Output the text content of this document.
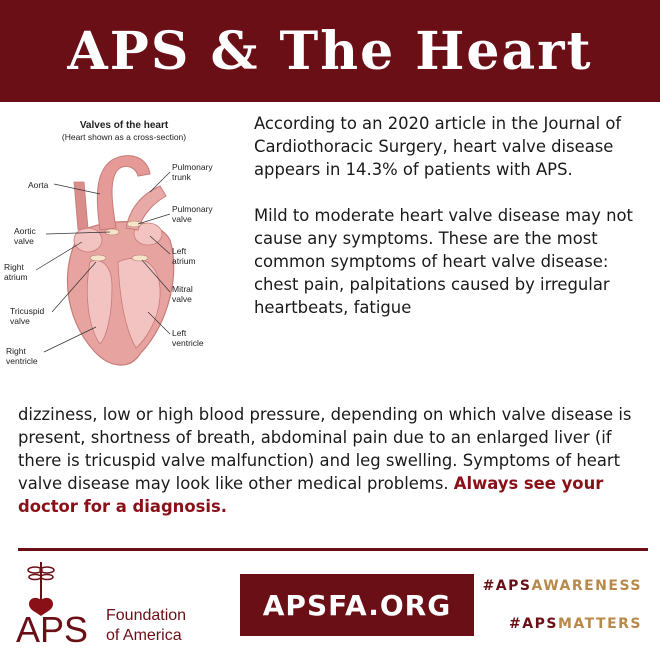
APS & The Heart
Valves of the heart
(Heart shown as a cross-section)
Aorta
Pulmonary
trunk
Pulmonary
valve
Aortic
valve
Left
atrium
Right
atrium
Mitral
valve
Tricuspid
valve
Left
ventricle
Right
ventricle

According to an 2020 article in the Journal of Cardiothoracic Surgery, heart valve disease appears in 14.3% of patients with APS.

Mild to moderate heart valve disease may not cause any symptoms. These are the most common symptoms of heart valve disease: chest pain, palpitations caused by irregular heartbeats, fatigue

dizziness, low or high blood pressure, depending on which valve disease is present, shortness of breath, abdominal pain due to an enlarged liver (if there is tricuspid valve malfunction) and leg swelling. Symptoms of heart valve disease may look like other medical problems. Always see your doctor for a diagnosis.
APS Foundation
of America
APSFA.ORG
#APSAWARENESS
#APSMATTERS
